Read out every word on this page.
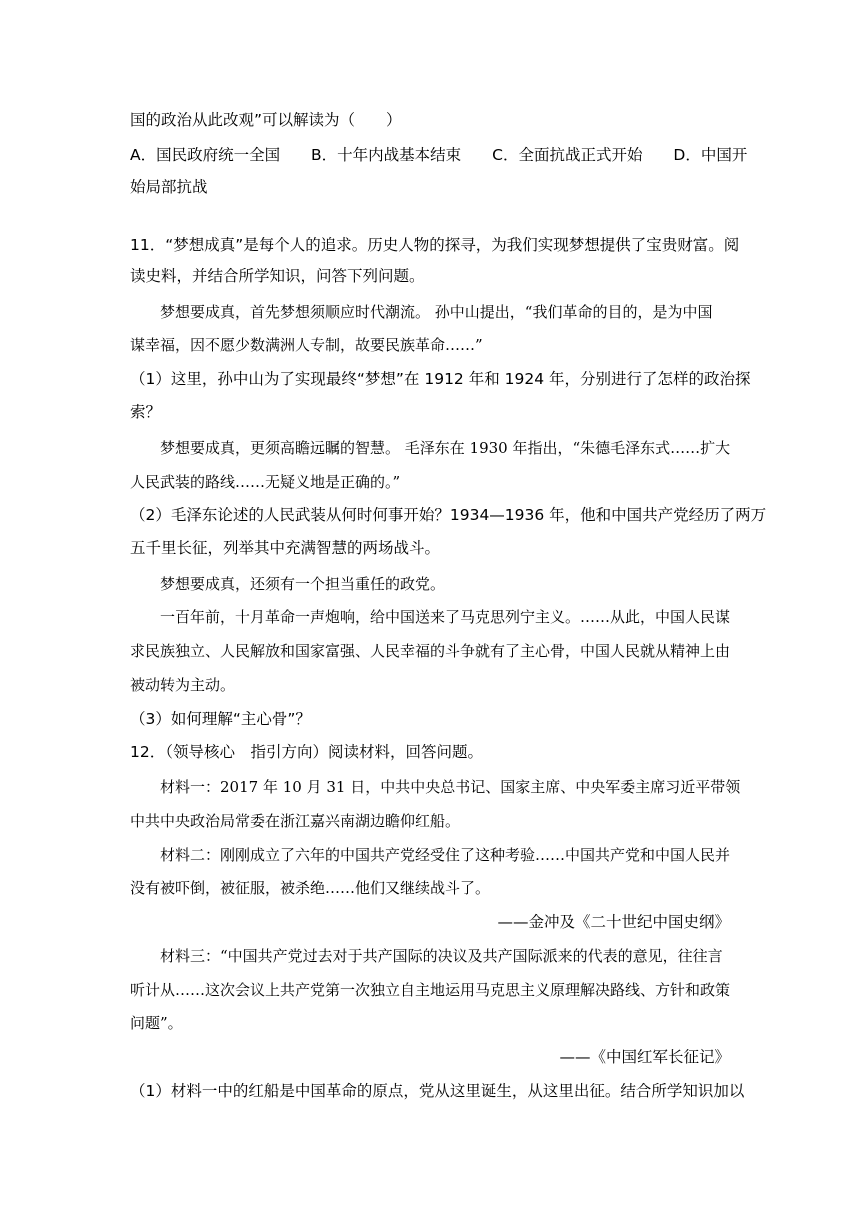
国的政治从此改观”可以解读为（　　）
A．国民政府统一全国 B．十年内战基本结束 C．全面抗战正式开始 D．中国开
始局部抗战
11．“梦想成真”是每个人的追求。历史人物的探寻，为我们实现梦想提供了宝贵财富。阅
读史料，并结合所学知识，问答下列问题。
梦想要成真，首先梦想须顺应时代潮流。 孙中山提出，“我们革命的目的，是为中国
谋幸福，因不愿少数满洲人专制，故要民族革命……”
（1）这里，孙中山为了实现最终“梦想”在 1912 年和 1924 年，分别进行了怎样的政治探
索？
梦想要成真，更须高瞻远瞩的智慧。 毛泽东在 1930 年指出，“朱德毛泽东式……扩大
人民武装的路线……无疑义地是正确的。”
（2）毛泽东论述的人民武装从何时何事开始？1934—1936 年，他和中国共产党经历了两万
五千里长征，列举其中充满智慧的两场战斗。
梦想要成真，还须有一个担当重任的政党。
一百年前，十月革命一声炮响，给中国送来了马克思列宁主义。……从此，中国人民谋
求民族独立、人民解放和国家富强、人民幸福的斗争就有了主心骨，中国人民就从精神上由
被动转为主动。
（3）如何理解“主心骨”？
12．（领导核心　指引方向）阅读材料，回答问题。
材料一：2017 年 10 月 31 日，中共中央总书记、国家主席、中央军委主席习近平带领
中共中央政治局常委在浙江嘉兴南湖边瞻仰红船。
材料二：刚刚成立了六年的中国共产党经受住了这种考验……中国共产党和中国人民并
没有被吓倒，被征服，被杀绝……他们又继续战斗了。
——金冲及《二十世纪中国史纲》
材料三：“中国共产党过去对于共产国际的决议及共产国际派来的代表的意见，往往言
听计从……这次会议上共产党第一次独立自主地运用马克思主义原理解决路线、方针和政策
问题”。
——《中国红军长征记》
（1）材料一中的红船是中国革命的原点，党从这里诞生，从这里出征。结合所学知识加以
